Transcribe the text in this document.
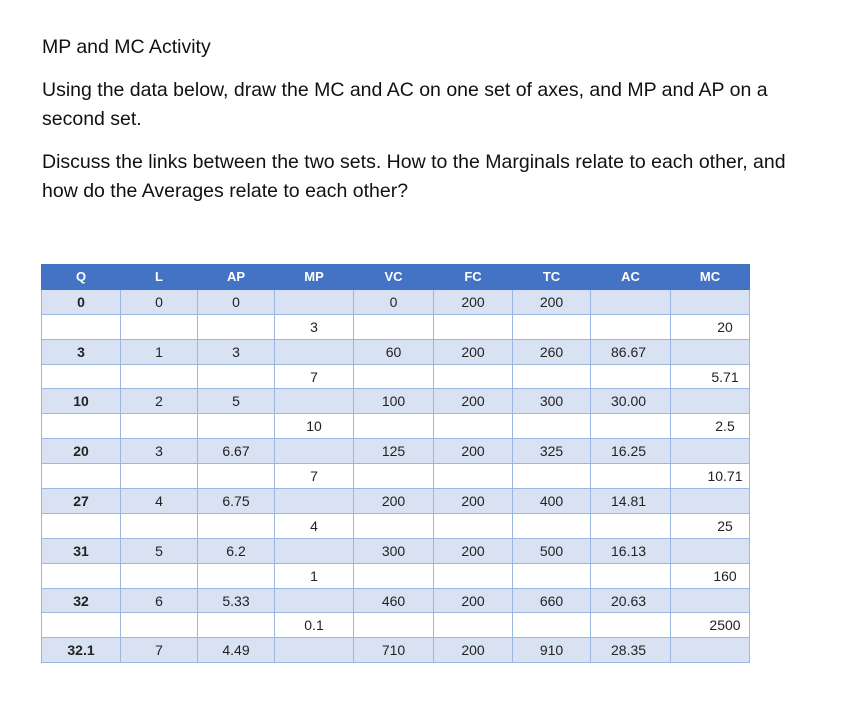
MP and MC Activity
Using the data below, draw the MC and AC on one set of axes, and MP and AP on a second set.
Discuss the links between the two sets. How to the Marginals relate to each other, and how do the Averages relate to each other?
Q	L	AP	MP	VC	FC	TC	AC	MC
0	0	0		0	200	200		
			3					20
3	1	3		60	200	260	86.67	
			7					5.71
10	2	5		100	200	300	30.00	
			10					2.5
20	3	6.67		125	200	325	16.25	
			7					10.71
27	4	6.75		200	200	400	14.81	
			4					25
31	5	6.2		300	200	500	16.13	
			1					160
32	6	5.33		460	200	660	20.63	
			0.1					2500
32.1	7	4.49		710	200	910	28.35	
